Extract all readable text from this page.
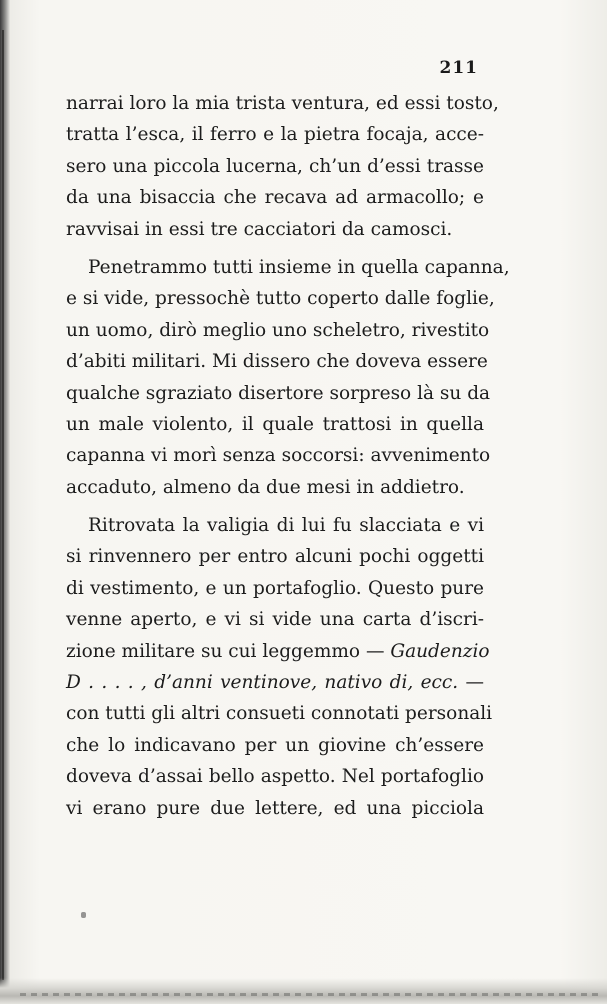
211
narrai loro la mia trista ventura, ed essi tosto,
tratta l’esca, il ferro e la pietra focaja, acce-
sero una piccola lucerna, ch’un d’essi trasse
da una bisaccia che recava ad armacollo; e
ravvisai in essi tre cacciatori da camosci.
Penetrammo tutti insieme in quella capanna,
e si vide, pressochè tutto coperto dalle foglie,
un uomo, dirò meglio uno scheletro, rivestito
d’abiti militari. Mi dissero che doveva essere
qualche sgraziato disertore sorpreso là su da
un male violento, il quale trattosi in quella
capanna vi morì senza soccorsi: avvenimento
accaduto, almeno da due mesi in addietro.
Ritrovata la valigia di lui fu slacciata e vi
si rinvennero per entro alcuni pochi oggetti
di vestimento, e un portafoglio. Questo pure
venne aperto, e vi si vide una carta d’iscri-
zione militare su cui leggemmo — Gaudenzio
D . . . . , d’anni ventinove, nativo di, ecc. —
con tutti gli altri consueti connotati personali
che lo indicavano per un giovine ch’essere
doveva d’assai bello aspetto. Nel portafoglio
vi erano pure due lettere, ed una picciola
